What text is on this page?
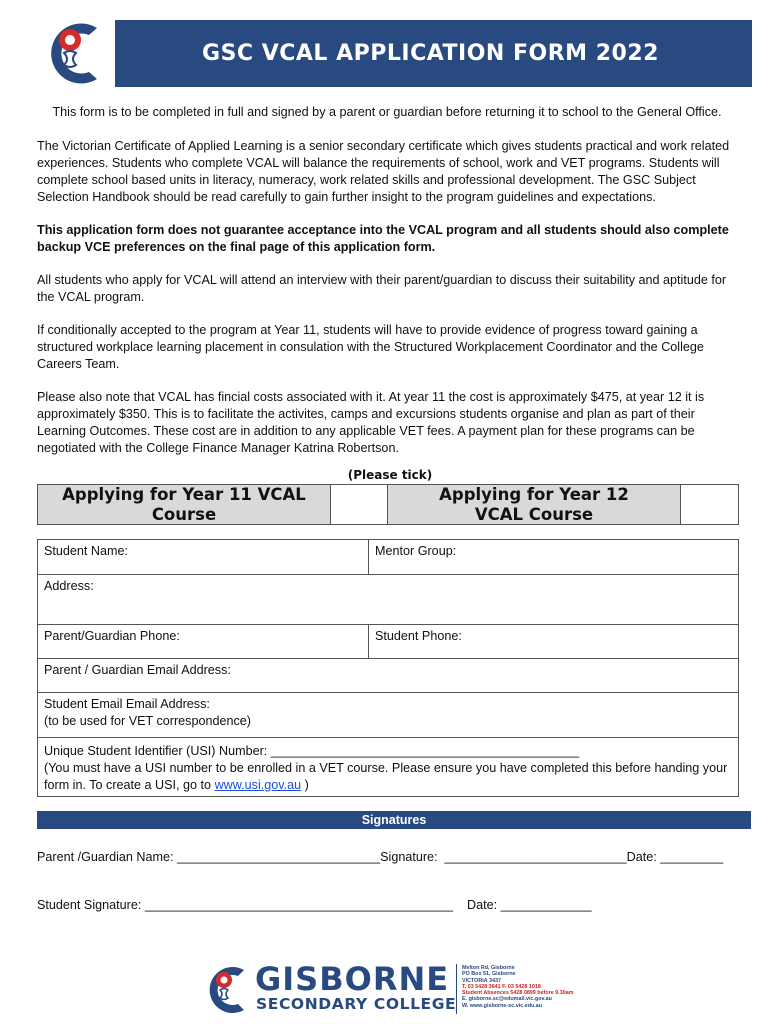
GSC VCAL APPLICATION FORM 2022
This form is to be completed in full and signed by a parent or guardian before returning it to school to the General Office.
The Victorian Certificate of Applied Learning is a senior secondary certificate which gives students practical and work related experiences. Students who complete VCAL will balance the requirements of school, work and VET programs. Students will complete school based units in literacy, numeracy, work related skills and professional development. The GSC Subject Selection Handbook should be read carefully to gain further insight to the program guidelines and expectations.
This application form does not guarantee acceptance into the VCAL program and all students should also complete backup VCE preferences on the final page of this application form.
All students who apply for VCAL will attend an interview with their parent/guardian to discuss their suitability and aptitude for the VCAL program.
If conditionally accepted to the program at Year 11, students will have to provide evidence of progress toward gaining a structured workplace learning placement in consulation with the Structured Workplacement Coordinator and the College Careers Team.
Please also note that VCAL has fincial costs associated with it. At year 11 the cost is approximately $475, at year 12 it is approximately $350. This is to facilitate the activites, camps and excursions students organise and plan as part of their Learning Outcomes. These cost are in addition to any applicable VET fees. A payment plan for these programs can be negotiated with the College Finance Manager Katrina Robertson.
(Please tick)
Applying for Year 11 VCAL Course
Applying for Year 12 VCAL Course
Student Name:	Mentor Group:
Address:
Parent/Guardian Phone:	Student Phone:
Parent / Guardian Email Address:
Student Email Email Address:
(to be used for VET correspondence)
Unique Student Identifier (USI) Number: ____________________________________________
(You must have a USI number to be enrolled in a VET course. Please ensure you have completed this before handing your form in. To create a USI, go to www.usi.gov.au )
Signatures
Parent /Guardian Name: _____________________________Signature:  __________________________Date: _________
Student Signature: ____________________________________________    Date: _____________
GISBORNE
SECONDARY COLLEGE
Melton Rd, Gisborne
PO Box 51, Gisborne
VICTORIA 3437
T. 03 5428 3641 F. 03 5428 1018
Student Absences 5428 0899 before 9.30am
E. gisborne.sc@edumail.vic.gov.au
W. www.gisborne-sc.vic.edu.au
